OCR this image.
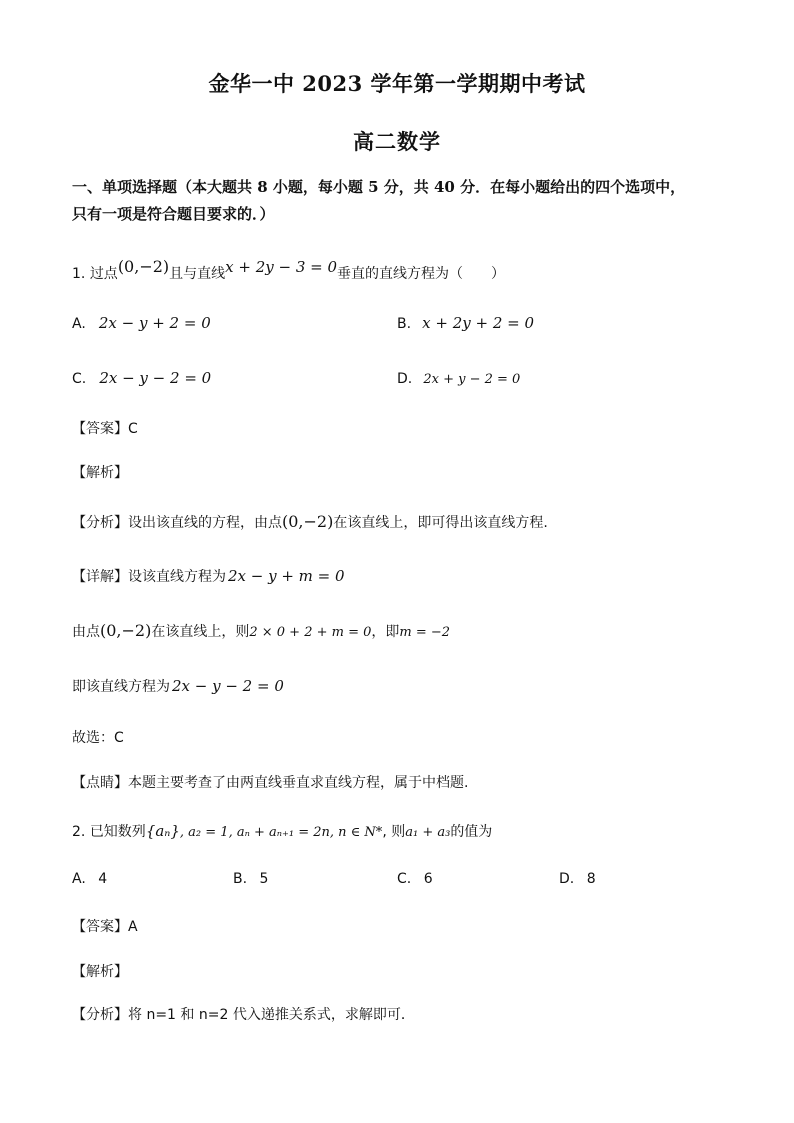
金华一中 2023 学年第一学期期中考试
高二数学
一、单项选择题（本大题共 8 小题，每小题 5 分，共 40 分．在每小题给出的四个选项中，
只有一项是符合题目要求的．）
1. 过点(0,−2)且与直线x + 2y − 3 = 0垂直的直线方程为（　　）
A. 2x − y + 2 = 0	B. x + 2y + 2 = 0
C. 2x − y − 2 = 0	D. 2x + y − 2 = 0
【答案】C
【解析】
【分析】设出该直线的方程，由点(0,−2)在该直线上，即可得出该直线方程.
【详解】设该直线方程为 2x − y + m = 0
由点(0,−2)在该直线上，则2 × 0 + 2 + m = 0，即m = −2
即该直线方程为 2x − y − 2 = 0
故选：C
【点睛】本题主要考查了由两直线垂直求直线方程，属于中档题.
2. 已知数列{aₙ}, a₂ = 1, aₙ + aₙ₊₁ = 2n, n ∈ N*, 则a₁ + a₃的值为
A. 4	B. 5	C. 6	D. 8
【答案】A
【解析】
【分析】将 n=1 和 n=2 代入递推关系式，求解即可．
